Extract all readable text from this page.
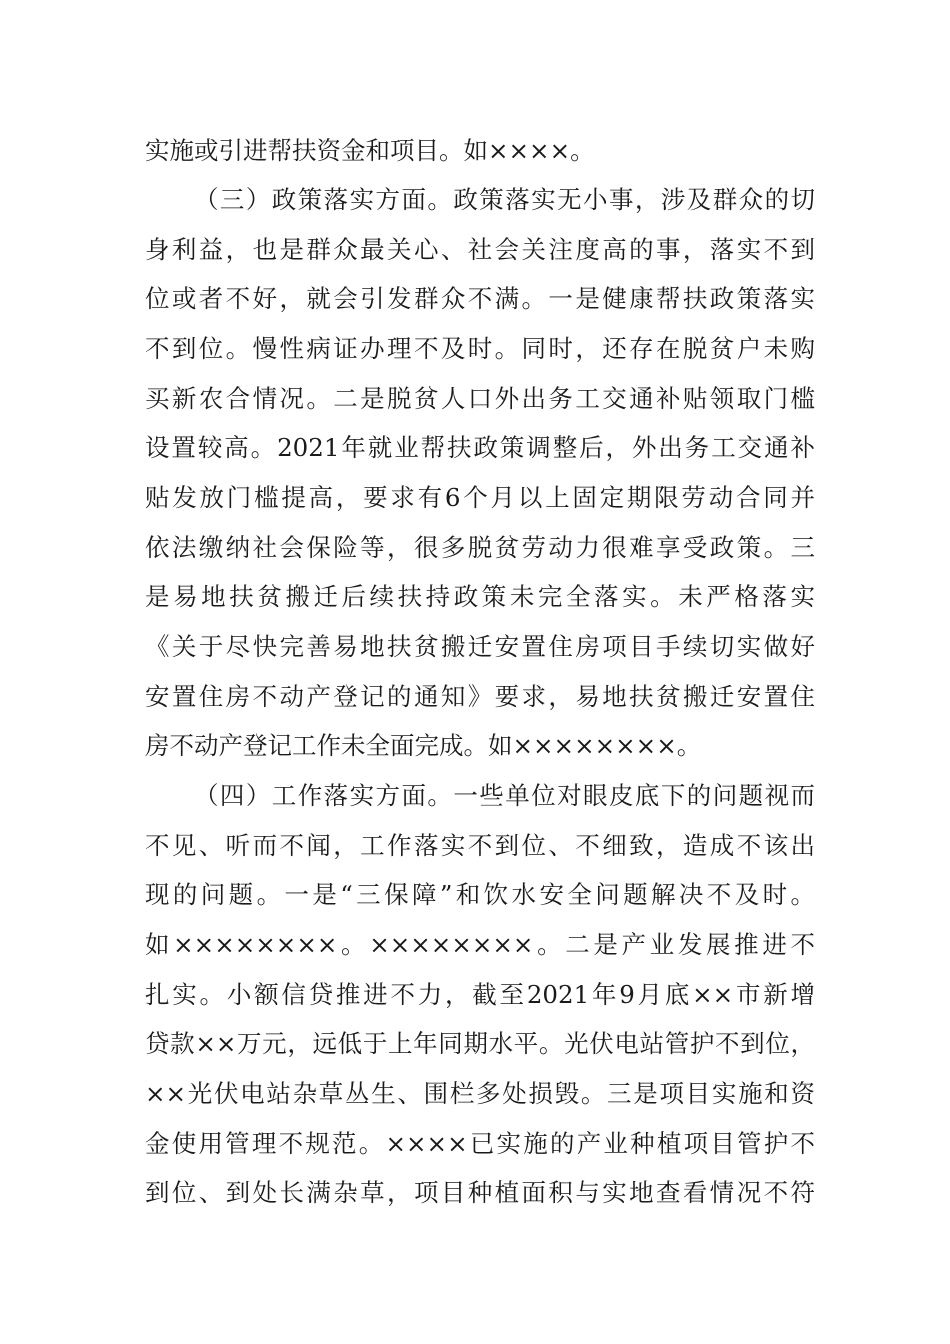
实施或引进帮扶资金和项目。如××××。
（三）政策落实方面。政策落实无小事，涉及群众的切
身利益，也是群众最关心、社会关注度高的事，落实不到
位或者不好，就会引发群众不满。一是健康帮扶政策落实
不到位。慢性病证办理不及时。同时，还存在脱贫户未购
买新农合情况。二是脱贫人口外出务工交通补贴领取门槛
设置较高。2021年就业帮扶政策调整后，外出务工交通补
贴发放门槛提高，要求有6个月以上固定期限劳动合同并
依法缴纳社会保险等，很多脱贫劳动力很难享受政策。三
是易地扶贫搬迁后续扶持政策未完全落实。未严格落实
《关于尽快完善易地扶贫搬迁安置住房项目手续切实做好
安置住房不动产登记的通知》要求，易地扶贫搬迁安置住
房不动产登记工作未全面完成。如××××××××。
（四）工作落实方面。一些单位对眼皮底下的问题视而
不见、听而不闻，工作落实不到位、不细致，造成不该出
现的问题。一是“三保障”和饮水安全问题解决不及时。
如××××××××。××××××××。二是产业发展推进不
扎实。小额信贷推进不力，截至2021年9月底××市新增
贷款××万元，远低于上年同期水平。光伏电站管护不到位，
××光伏电站杂草丛生、围栏多处损毁。三是项目实施和资
金使用管理不规范。××××已实施的产业种植项目管护不
到位、到处长满杂草，项目种植面积与实地查看情况不符
